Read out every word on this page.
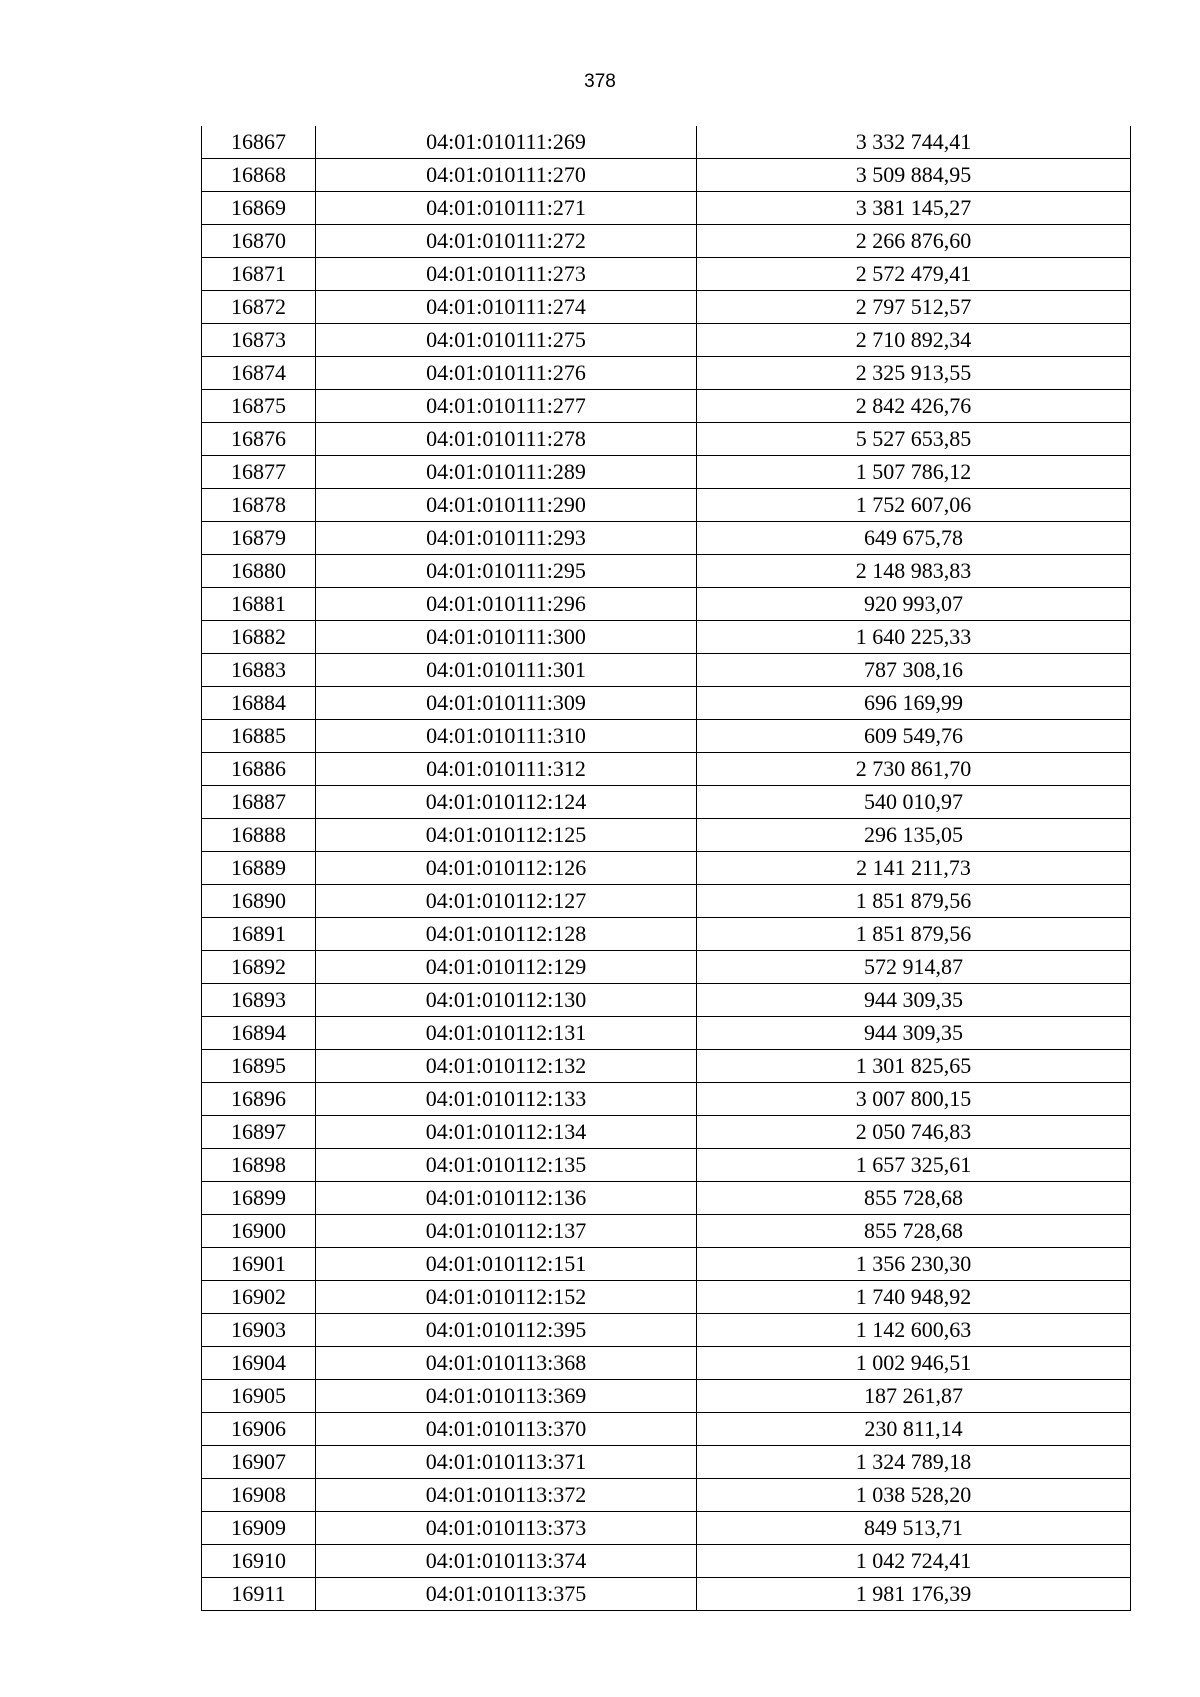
378
16867	04:01:010111:269	3 332 744,41
16868	04:01:010111:270	3 509 884,95
16869	04:01:010111:271	3 381 145,27
16870	04:01:010111:272	2 266 876,60
16871	04:01:010111:273	2 572 479,41
16872	04:01:010111:274	2 797 512,57
16873	04:01:010111:275	2 710 892,34
16874	04:01:010111:276	2 325 913,55
16875	04:01:010111:277	2 842 426,76
16876	04:01:010111:278	5 527 653,85
16877	04:01:010111:289	1 507 786,12
16878	04:01:010111:290	1 752 607,06
16879	04:01:010111:293	649 675,78
16880	04:01:010111:295	2 148 983,83
16881	04:01:010111:296	920 993,07
16882	04:01:010111:300	1 640 225,33
16883	04:01:010111:301	787 308,16
16884	04:01:010111:309	696 169,99
16885	04:01:010111:310	609 549,76
16886	04:01:010111:312	2 730 861,70
16887	04:01:010112:124	540 010,97
16888	04:01:010112:125	296 135,05
16889	04:01:010112:126	2 141 211,73
16890	04:01:010112:127	1 851 879,56
16891	04:01:010112:128	1 851 879,56
16892	04:01:010112:129	572 914,87
16893	04:01:010112:130	944 309,35
16894	04:01:010112:131	944 309,35
16895	04:01:010112:132	1 301 825,65
16896	04:01:010112:133	3 007 800,15
16897	04:01:010112:134	2 050 746,83
16898	04:01:010112:135	1 657 325,61
16899	04:01:010112:136	855 728,68
16900	04:01:010112:137	855 728,68
16901	04:01:010112:151	1 356 230,30
16902	04:01:010112:152	1 740 948,92
16903	04:01:010112:395	1 142 600,63
16904	04:01:010113:368	1 002 946,51
16905	04:01:010113:369	187 261,87
16906	04:01:010113:370	230 811,14
16907	04:01:010113:371	1 324 789,18
16908	04:01:010113:372	1 038 528,20
16909	04:01:010113:373	849 513,71
16910	04:01:010113:374	1 042 724,41
16911	04:01:010113:375	1 981 176,39
